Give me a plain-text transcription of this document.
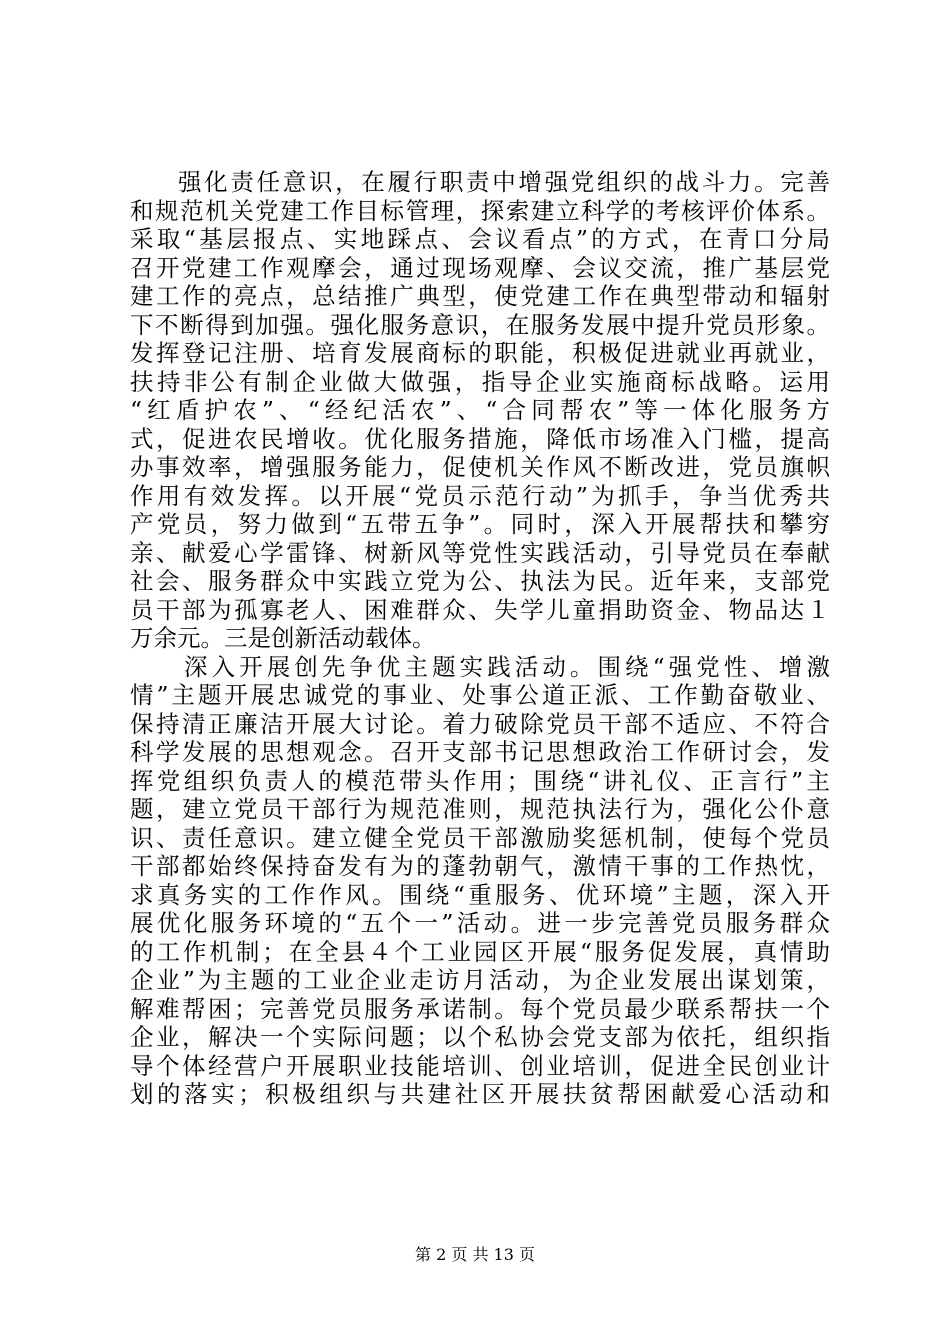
强化责任意识，在履行职责中增强党组织的战斗力。完善
和规范机关党建工作目标管理，探索建立科学的考核评价体系。
采取“基层报点、实地踩点、会议看点”的方式，在青口分局
召开党建工作观摩会，通过现场观摩、会议交流，推广基层党
建工作的亮点，总结推广典型，使党建工作在典型带动和辐射
下不断得到加强。强化服务意识，在服务发展中提升党员形象。
发挥登记注册、培育发展商标的职能，积极促进就业再就业，
扶持非公有制企业做大做强，指导企业实施商标战略。运用
“红盾护农”、“经纪活农”、“合同帮农”等一体化服务方
式，促进农民增收。优化服务措施，降低市场准入门槛，提高
办事效率，增强服务能力，促使机关作风不断改进，党员旗帜
作用有效发挥。以开展“党员示范行动”为抓手，争当优秀共
产党员，努力做到“五带五争”。同时，深入开展帮扶和攀穷
亲、献爱心学雷锋、树新风等党性实践活动，引导党员在奉献
社会、服务群众中实践立党为公、执法为民。近年来，支部党
员干部为孤寡老人、困难群众、失学儿童捐助资金、物品达１
万余元。三是创新活动载体。
深入开展创先争优主题实践活动。围绕“强党性、增激
情”主题开展忠诚党的事业、处事公道正派、工作勤奋敬业、
保持清正廉洁开展大讨论。着力破除党员干部不适应、不符合
科学发展的思想观念。召开支部书记思想政治工作研讨会，发
挥党组织负责人的模范带头作用；围绕“讲礼仪、正言行”主
题，建立党员干部行为规范准则，规范执法行为，强化公仆意
识、责任意识。建立健全党员干部激励奖惩机制，使每个党员
干部都始终保持奋发有为的蓬勃朝气，激情干事的工作热忱，
求真务实的工作作风。围绕“重服务、优环境”主题，深入开
展优化服务环境的“五个一”活动。进一步完善党员服务群众
的工作机制；在全县４个工业园区开展“服务促发展，真情助
企业”为主题的工业企业走访月活动，为企业发展出谋划策，
解难帮困；完善党员服务承诺制。每个党员最少联系帮扶一个
企业，解决一个实际问题；以个私协会党支部为依托，组织指
导个体经营户开展职业技能培训、创业培训，促进全民创业计
划的落实；积极组织与共建社区开展扶贫帮困献爱心活动和
第 2 页 共 13 页
